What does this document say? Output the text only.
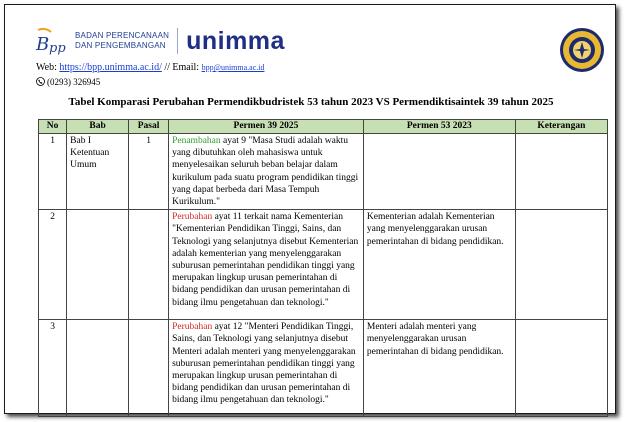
B pp
BADAN PERENCANAAN
DAN PENGEMBANGAN unimma
Web: https://bpp.unimma.ac.id/ // Email: bpp@unimma.ac.id
(0293) 326945
Tabel Komparasi Perubahan Permendikbudristek 53 tahun 2023 VS Permendiktisaintek 39 tahun 2025
No	Bab	Pasal	Permen 39 2025	Permen 53 2023	Keterangan
1	Bab I Ketentuan Umum	1	Penambahan ayat 9 "Masa Studi adalah waktu yang dibutuhkan oleh mahasiswa untuk menyelesaikan seluruh beban belajar dalam kurikulum pada suatu program pendidikan tinggi yang dapat berbeda dari Masa Tempuh Kurikulum."		
2			Perubahan ayat 11 terkait nama Kementerian "Kementerian Pendidikan Tinggi, Sains, dan Teknologi yang selanjutnya disebut Kementerian adalah kementerian yang menyelenggarakan suburusan pemerintahan pendidikan tinggi yang merupakan lingkup urusan pemerintahan di bidang pendidikan dan urusan pemerintahan di bidang ilmu pengetahuan dan teknologi."	Kementerian adalah Kementerian yang menyelenggarakan urusan pemerintahan di bidang pendidikan.	
3			Perubahan ayat 12 "Menteri Pendidikan Tinggi, Sains, dan Teknologi yang selanjutnya disebut Menteri adalah menteri yang menyelenggarakan suburusan pemerintahan pendidikan tinggi yang merupakan lingkup urusan pemerintahan di bidang pendidikan dan urusan pemerintahan di bidang ilmu pengetahuan dan teknologi."	Menteri adalah menteri yang menyelenggarakan urusan pemerintahan di bidang pendidikan.	
